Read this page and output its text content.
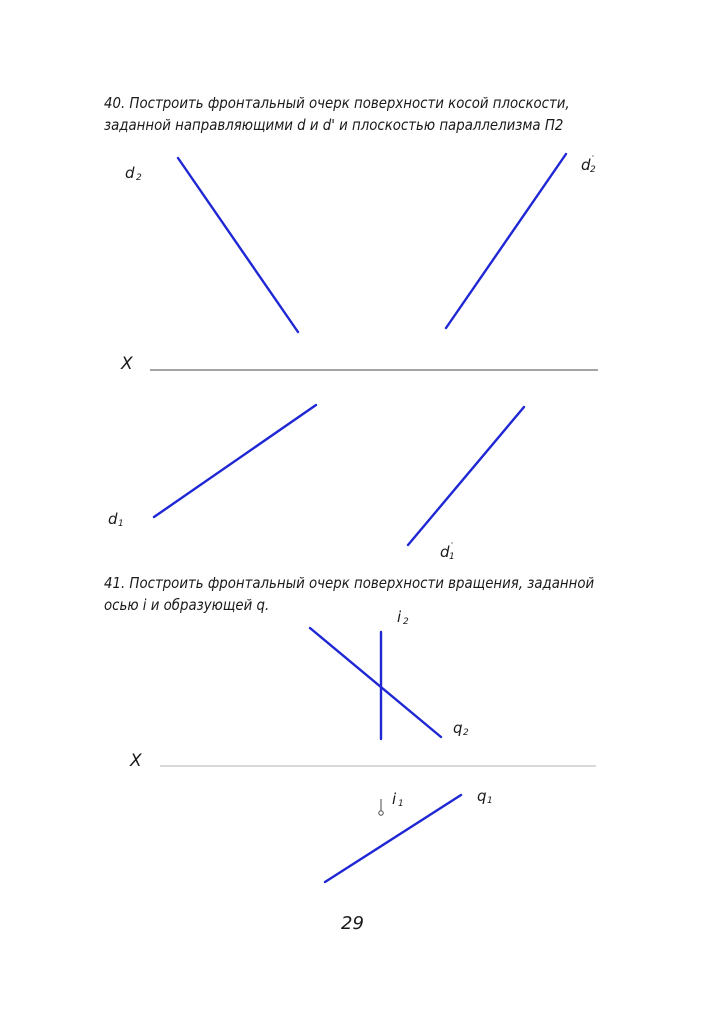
40. Построить фронтальный очерк поверхности косой плоскости,
заданной направляющими d и d' и плоскостью параллелизма П2

41. Построить фронтальный очерк поверхности вращения, заданной
осью i и образующей q.

d 2
d '
2
X
d 1
d '
1
i 2
q 2
X
i 1	q 1
29
